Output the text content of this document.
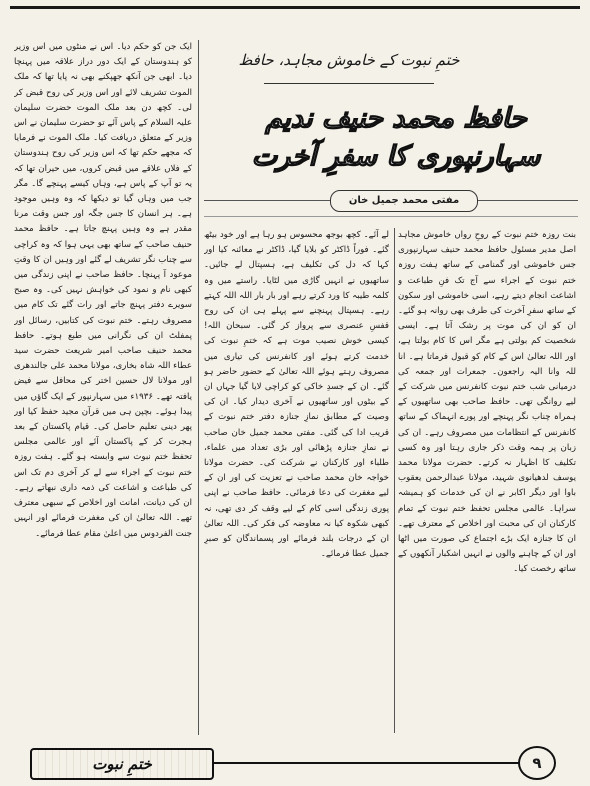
ایک جن کو حکم دیا۔ اس نے منٹوں میں اس وزیر کو ہندوستان کے ایک دور دراز علاقہ میں پہنچا دیا۔ ابھی جن آنکھ جھپکنے بھی نہ پایا تھا کہ ملک الموت تشریف لائے اور اس وزیر کی روح قبض کر لی۔ کچھ دن بعد ملک الموت حضرت سلیمان علیہ السلام کے پاس آئے تو حضرت سلیمان نے اس وزیر کے متعلق دریافت کیا۔ ملک الموت نے فرمایا کہ مجھے حکم تھا کہ اس وزیر کی روح ہندوستان کے فلاں علاقے میں قبض کروں، میں حیران تھا کہ یہ تو آپ کے پاس ہے، وہاں کیسے پہنچے گا۔ مگر جب میں وہاں گیا تو دیکھا کہ وہ وہیں موجود ہے۔ ہر انسان کا جس جگہ اور جس وقت مرنا مقدر ہے وہ وہیں پہنچ جاتا ہے۔ حافظ محمد حنیف صاحب کے ساتھ بھی یہی ہوا کہ وہ کراچی سے چناب نگر تشریف لے گئے اور وہیں ان کا وقتِ موعود آ پہنچا۔ حافظ صاحب نے اپنی زندگی میں کبھی نام و نمود کی خواہش نہیں کی۔ وہ صبح سویرے دفتر پہنچ جاتے اور رات گئے تک کام میں مصروف رہتے۔ ختم نبوت کی کتابیں، رسائل اور پمفلٹ ان کی نگرانی میں طبع ہوتے۔ حافظ محمد حنیف صاحب امیر شریعت حضرت سید عطاء اللہ شاہ بخاری، مولانا محمد علی جالندھری اور مولانا لال حسین اختر کی محافل سے فیض یافتہ تھے۔ ۱۹۳۶ء میں سہارنپور کے ایک گاؤں میں پیدا ہوئے۔ بچپن ہی میں قرآن مجید حفظ کیا اور پھر دینی تعلیم حاصل کی۔ قیام پاکستان کے بعد ہجرت کر کے پاکستان آئے اور عالمی مجلس تحفظ ختم نبوت سے وابستہ ہو گئے۔ ہفت روزہ ختم نبوت کے اجراء سے لے کر آخری دم تک اس کی طباعت و اشاعت کی ذمہ داری نبھاتے رہے۔ ان کی دیانت، امانت اور اخلاص کے سبھی معترف تھے۔ اللہ تعالیٰ ان کی مغفرت فرمائے اور انہیں جنت الفردوس میں اعلیٰ مقام عطا فرمائے۔

ختمِ نبوت کے خاموش مجاہد، حافظ
حافظ محمد حنیف ندیم سہارنپوری کا سفرِ آخرت
مفتی محمد جمیل خان

لے آئے۔ کچھ بوجھ محسوس ہو رہا ہے اور خود بیٹھ گئے۔ فوراً ڈاکٹر کو بلایا گیا، ڈاکٹر نے معائنہ کیا اور کہا کہ دل کی تکلیف ہے، ہسپتال لے جائیں۔ ساتھیوں نے انہیں گاڑی میں لٹایا۔ راستے میں وہ کلمہ طیبہ کا ورد کرتے رہے اور بار بار اللہ اللہ کہتے رہے۔ ہسپتال پہنچنے سے پہلے ہی ان کی روح قفسِ عنصری سے پرواز کر گئی۔ سبحان اللہ! کیسی خوش نصیب موت ہے کہ ختمِ نبوت کی خدمت کرتے ہوئے اور کانفرنس کی تیاری میں مصروف رہتے ہوئے اللہ تعالیٰ کے حضور حاضر ہو گئے۔ ان کے جسدِ خاکی کو کراچی لایا گیا جہاں ان کے بیٹوں اور ساتھیوں نے آخری دیدار کیا۔ ان کی وصیت کے مطابق نمازِ جنازہ دفتر ختم نبوت کے قریب ادا کی گئی۔ مفتی محمد جمیل خان صاحب نے نمازِ جنازہ پڑھائی اور بڑی تعداد میں علماء، طلباء اور کارکنان نے شرکت کی۔ حضرت مولانا خواجہ خان محمد صاحب نے تعزیت کی اور ان کے لیے مغفرت کی دعا فرمائی۔ حافظ صاحب نے اپنی پوری زندگی اسی کام کے لیے وقف کر دی تھی، نہ کبھی شکوہ کیا نہ معاوضہ کی فکر کی۔ اللہ تعالیٰ ان کے درجات بلند فرمائے اور پسماندگان کو صبرِ جمیل عطا فرمائے۔

بنت روزہ ختم نبوت کے روحِ رواں خاموش مجاہد اصل مدیر مسئول حافظ محمد حنیف سہارنپوری جس خاموشی اور گمنامی کے ساتھ ہفت روزہ ختم نبوت کے اجراء سے آج تک فنِ طباعت و اشاعت انجام دیتے رہے، اسی خاموشی اور سکون کے ساتھ سفرِ آخرت کی طرف بھی روانہ ہو گئے۔ ان کو ان کی موت پر رشک آتا ہے۔ ایسی شخصیت کم بولتی ہے مگر اس کا کام بولتا ہے، اور اللہ تعالیٰ اس کے کام کو قبول فرماتا ہے۔ انا للہ وانا الیہ راجعون۔ جمعرات اور جمعہ کی درمیانی شب ختم نبوت کانفرنس میں شرکت کے لیے روانگی تھی۔ حافظ صاحب بھی ساتھیوں کے ہمراہ چناب نگر پہنچے اور پورے انہماک کے ساتھ کانفرنس کے انتظامات میں مصروف رہے۔ ان کی زبان پر ہمہ وقت ذکر جاری رہتا اور وہ کسی تکلیف کا اظہار نہ کرتے۔ حضرت مولانا محمد یوسف لدھیانوی شہید، مولانا عبدالرحمن یعقوب باوا اور دیگر اکابر نے ان کی خدمات کو ہمیشہ سراہا۔ عالمی مجلس تحفظ ختم نبوت کے تمام کارکنان ان کی محبت اور اخلاص کے معترف تھے۔ ان کا جنازہ ایک بڑے اجتماع کی صورت میں اٹھا اور ان کے چاہنے والوں نے انہیں اشکبار آنکھوں کے ساتھ رخصت کیا۔

ختمِ نبوت	۹
